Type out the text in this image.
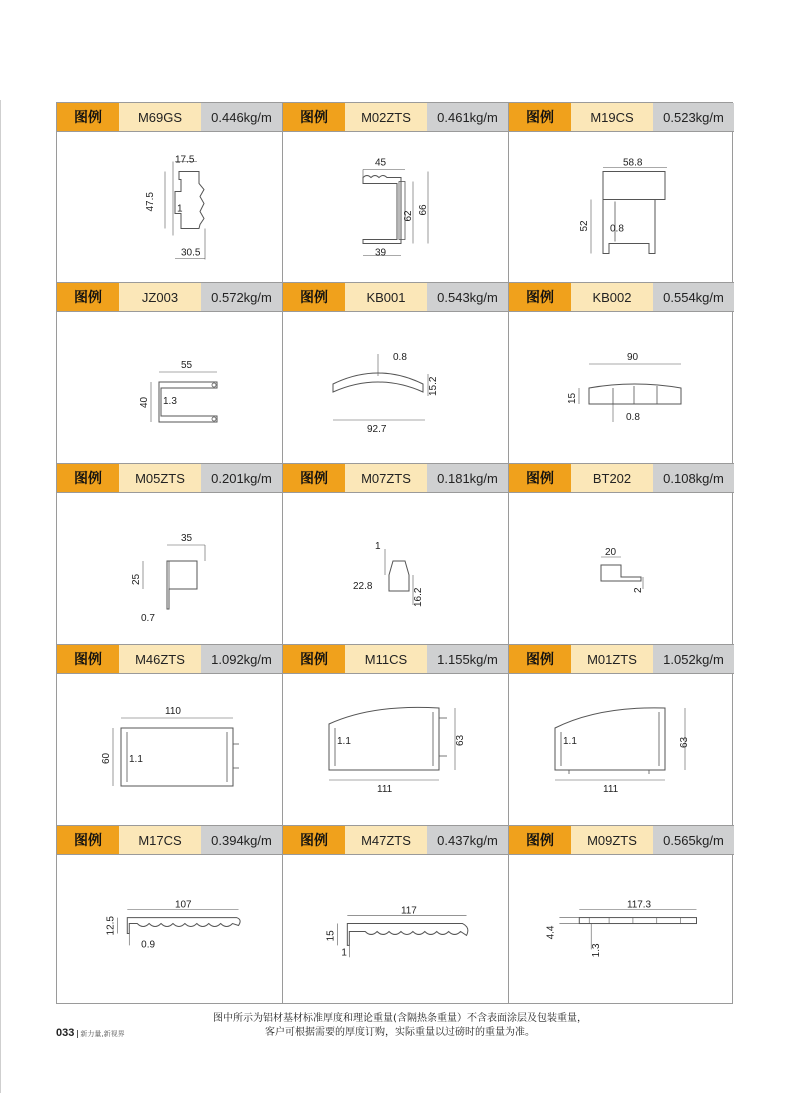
图例	M69GS	0.446kg/m
17.5
47.5 1
30.5
图例	M02ZTS	0.461kg/m
45
62
66
39
图例	M19CS	0.523kg/m
58.8
52 0.8
图例	JZ003	0.572kg/m
55
40 1.3
图例	KB001	0.543kg/m
0.8
15.2
92.7
图例	KB002	0.554kg/m
90
15
0.8
图例	M05ZTS	0.201kg/m
35
25
0.7
图例	M07ZTS	0.181kg/m
1
22.8
16.2
图例	BT202	0.108kg/m
20
2
图例	M46ZTS	1.092kg/m
110
60 1.1
图例	M11CS	1.155kg/m
1.1	63
111
图例	M01ZTS	1.052kg/m
1.1	63
111
图例	M17CS	0.394kg/m
107
12.5
0.9
图例	M47ZTS	0.437kg/m
117
15
1
图例	M09ZTS	0.565kg/m
117.3
4.4
1.3
图中所示为铝材基材标准厚度和理论重量(含隔热条重量）不含表面涂层及包装重量，
客户可根据需要的厚度订购，实际重量以过磅时的重量为准。
033 新力量,新视界
